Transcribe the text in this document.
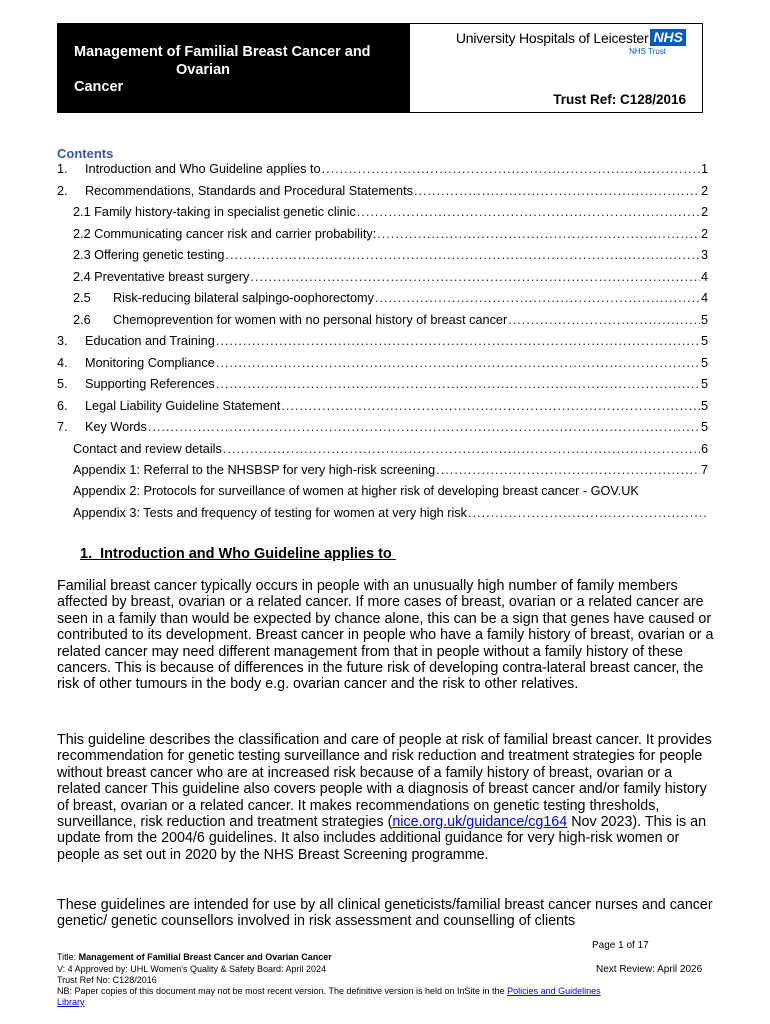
Management of Familial Breast Cancer and
Ovarian
Cancer
University Hospitals of Leicester NHS
NHS Trust
Trust Ref: C128/2016
Contents
1.	Introduction and Who Guideline applies to .....	1
2.	Recommendations, Standards and Procedural Statements .....	2
2.1 Family history-taking in specialist genetic clinic .....	2
2.2 Communicating cancer risk and carrier probability: .....	2
2.3 Offering genetic testing .....	3
2.4 Preventative breast surgery .....	4
2.5	Risk-reducing bilateral salpingo-oophorectomy .....	4
2.6	Chemoprevention for women with no personal history of breast cancer .....	5
3.	Education and Training .....	5
4.	Monitoring Compliance .....	5
5.	Supporting References .....	5
6.	Legal Liability Guideline Statement .....	5
7.	Key Words .....	5
Contact and review details .....	6
Appendix 1: Referral to the NHSBSP for very high-risk screening .....	7
Appendix 2: Protocols for surveillance of women at higher risk of developing breast cancer - GOV.UK
Appendix 3: Tests and frequency of testing for women at very high risk
.....
1.  Introduction and Who Guideline applies to

Familial breast cancer typically occurs in people with an unusually high number of family members affected by breast, ovarian or a related cancer. If more cases of breast, ovarian or a related cancer are seen in a family than would be expected by chance alone, this can be a sign that genes have caused or contributed to its development. Breast cancer in people who have a family history of breast, ovarian or a related cancer may need different management from that in people without a family history of these cancers. This is because of differences in the future risk of developing contra-lateral breast cancer, the risk of other tumours in the body e.g. ovarian cancer and the risk to other relatives.

This guideline describes the classification and care of people at risk of familial breast cancer. It provides recommendation for genetic testing surveillance and risk reduction and treatment strategies for people without breast cancer who are at increased risk because of a family history of breast, ovarian or a related cancer This guideline also covers people with a diagnosis of breast cancer and/or family history of breast, ovarian or a related cancer. It makes recommendations on genetic testing thresholds, surveillance, risk reduction and treatment strategies (nice.org.uk/guidance/cg164 Nov 2023). This is an update from the 2004/6 guidelines. It also includes additional guidance for very high-risk women or people as set out in 2020 by the NHS Breast Screening programme.

These guidelines are intended for use by all clinical geneticists/familial breast cancer nurses and cancer genetic/ genetic counsellors involved in risk assessment and counselling of clients

Page 1 of 17
Title: Management of Familial Breast Cancer and Ovarian Cancer
V: 4 Approved by: UHL Women's Quality & Safety Board: April 2024	Next Review: April 2026
Trust Ref No: C128/2016
NB: Paper copies of this document may not be most recent version. The definitive version is held on InSite in the Policies and Guidelines
Library
